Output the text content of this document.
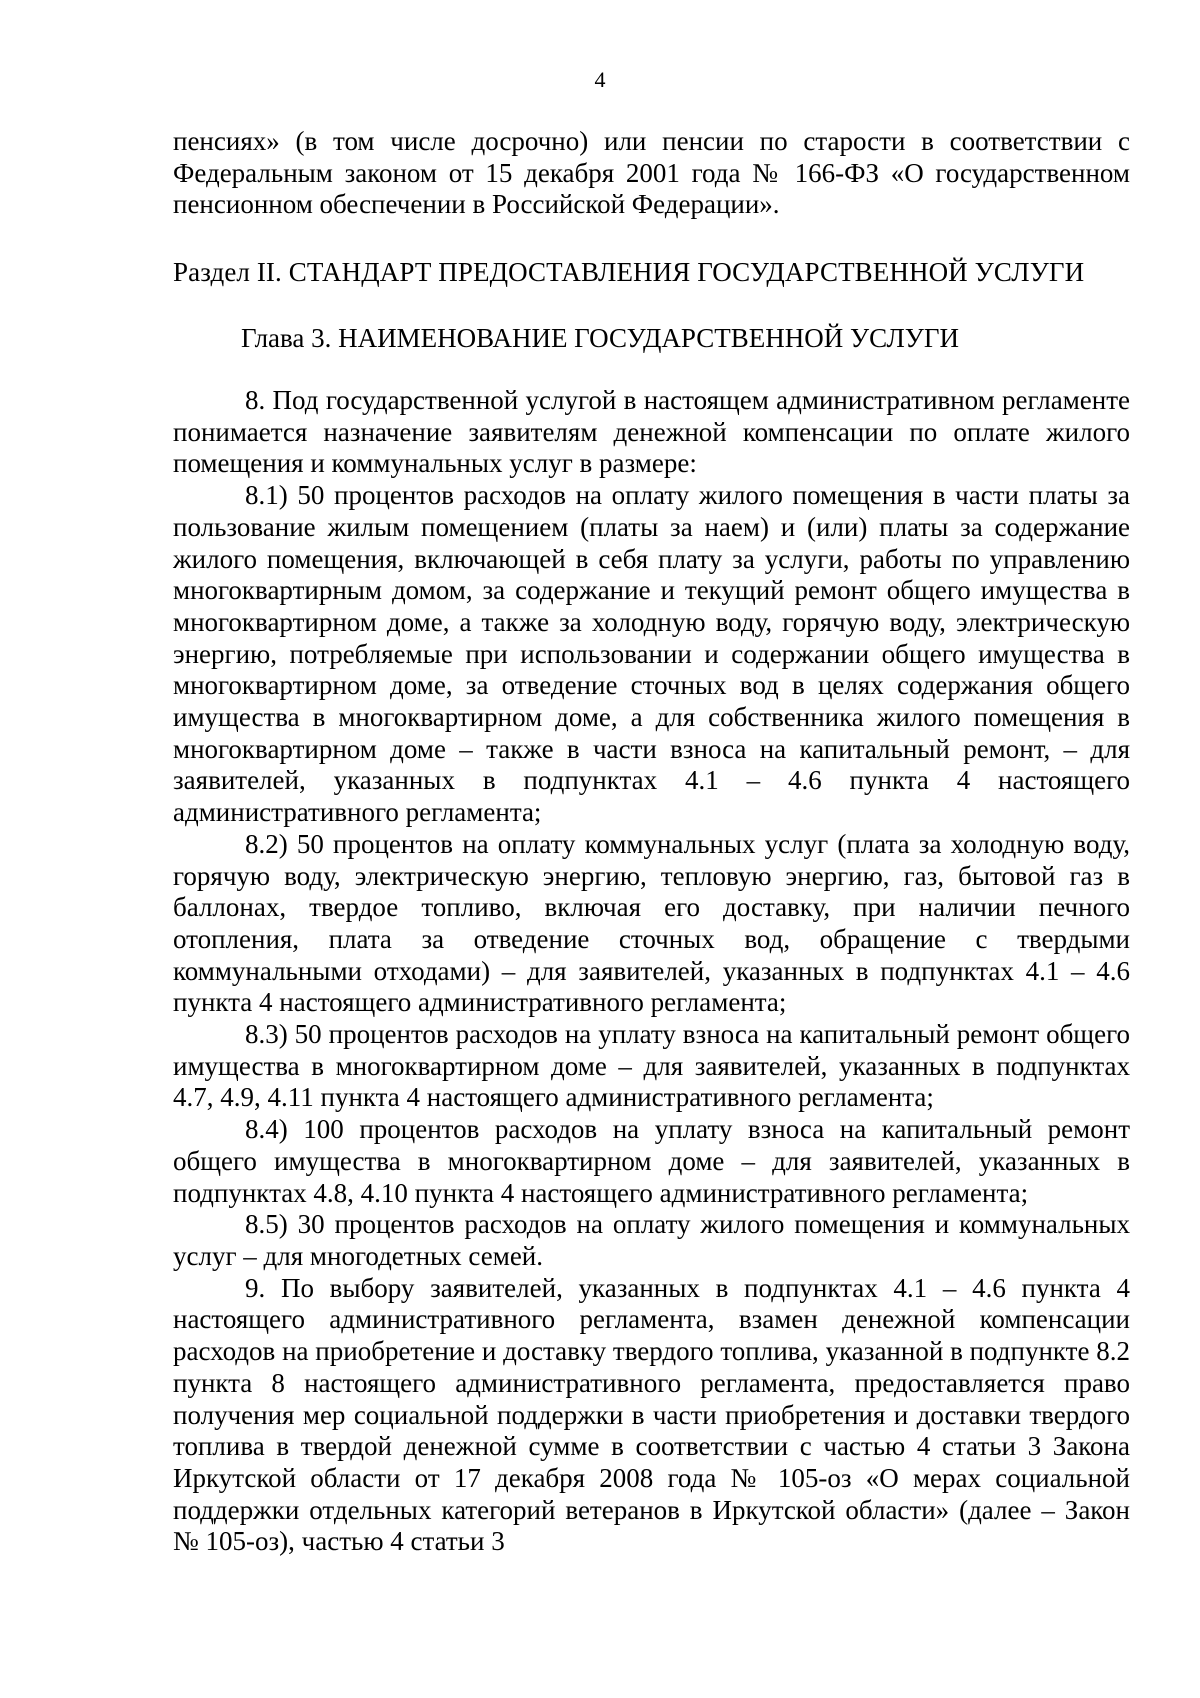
4

пенсиях» (в том числе досрочно) или пенсии по старости в соответствии с Федеральным законом от 15 декабря 2001 года № 166-ФЗ «О государственном пенсионном обеспечении в Российской Федерации».

Раздел II. СТАНДАРТ ПРЕДОСТАВЛЕНИЯ ГОСУДАРСТВЕННОЙ УСЛУГИ
Глава 3. НАИМЕНОВАНИЕ ГОСУДАРСТВЕННОЙ УСЛУГИ

8. Под государственной услугой в настоящем административном регламенте понимается назначение заявителям денежной компенсации по оплате жилого помещения и коммунальных услуг в размере:

8.1) 50 процентов расходов на оплату жилого помещения в части платы за пользование жилым помещением (платы за наем) и (или) платы за содержание жилого помещения, включающей в себя плату за услуги, работы по управлению многоквартирным домом, за содержание и текущий ремонт общего имущества в многоквартирном доме, а также за холодную воду, горячую воду, электрическую энергию, потребляемые при использовании и содержании общего имущества в многоквартирном доме, за отведение сточных вод в целях содержания общего имущества в многоквартирном доме, а для собственника жилого помещения в многоквартирном доме – также в части взноса на капитальный ремонт, – для заявителей, указанных в подпунктах 4.1 – 4.6 пункта 4 настоящего административного регламента;

8.2) 50 процентов на оплату коммунальных услуг (плата за холодную воду, горячую воду, электрическую энергию, тепловую энергию, газ, бытовой газ в баллонах, твердое топливо, включая его доставку, при наличии печного отопления, плата за отведение сточных вод, обращение с твердыми коммунальными отходами) – для заявителей, указанных в подпунктах 4.1 – 4.6 пункта 4 настоящего административного регламента;

8.3) 50 процентов расходов на уплату взноса на капитальный ремонт общего имущества в многоквартирном доме – для заявителей, указанных в подпунктах 4.7, 4.9, 4.11 пункта 4 настоящего административного регламента;

8.4) 100 процентов расходов на уплату взноса на капитальный ремонт общего имущества в многоквартирном доме – для заявителей, указанных в подпунктах 4.8, 4.10 пункта 4 настоящего административного регламента;

8.5) 30 процентов расходов на оплату жилого помещения и коммунальных услуг – для многодетных семей.

9. По выбору заявителей, указанных в подпунктах 4.1 – 4.6 пункта 4 настоящего административного регламента, взамен денежной компенсации расходов на приобретение и доставку твердого топлива, указанной в подпункте 8.2 пункта 8 настоящего административного регламента, предоставляется право получения мер социальной поддержки в части приобретения и доставки твердого топлива в твердой денежной сумме в соответствии с частью 4 статьи 3 Закона Иркутской области от 17 декабря 2008 года № 105-оз «О мерах социальной поддержки отдельных категорий ветеранов в Иркутской области» (далее – Закон № 105-оз), частью 4 статьи 3
